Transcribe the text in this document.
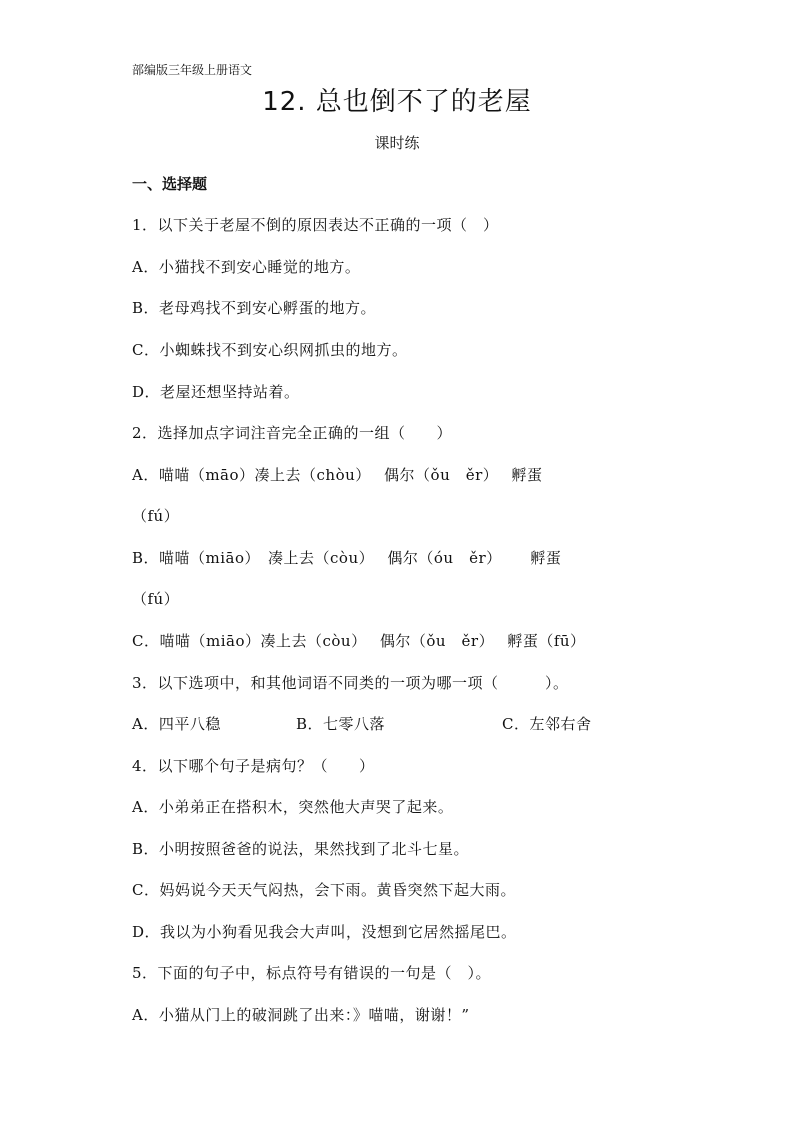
部编版三年级上册语文
12. 总也倒不了的老屋
课时练
一、选择题
1．以下关于老屋不倒的原因表达不正确的一项（　）
A．小猫找不到安心睡觉的地方。
B．老母鸡找不到安心孵蛋的地方。
C．小蜘蛛找不到安心织网抓虫的地方。
D．老屋还想坚持站着。
2．选择加点字词注音完全正确的一组（　　）
A．喵喵（māo）凑上去（chòu）　 偶尔（ǒu　ěr）　 孵蛋
（fú）
B．喵喵（miāo）　凑上去（còu）　 偶尔（óu　ěr）　　 孵蛋
（fú）
C．喵喵（miāo）凑上去（còu）　 偶尔（ǒu　ěr）　 孵蛋（fū）
3．以下选项中，和其他词语不同类的一项为哪一项（　　　）。
A．四平八稳	B．七零八落	C．左邻右舍
4．以下哪个句子是病句？（　　）
A．小弟弟正在搭积木，突然他大声哭了起来。
B．小明按照爸爸的说法，果然找到了北斗七星。
C．妈妈说今天天气闷热，会下雨。黄昏突然下起大雨。
D．我以为小狗看见我会大声叫，没想到它居然摇尾巴。
5．下面的句子中，标点符号有错误的一句是（　）。
A．小猫从门上的破洞跳了出来：》喵喵，谢谢！”
